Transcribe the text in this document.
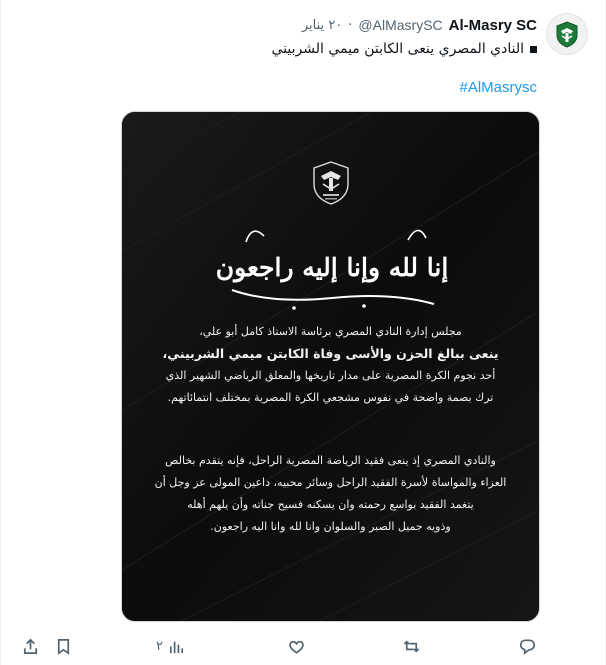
٢٠ يناير · @AlMasrySC Al-Masry SC
النادي المصري ينعى الكابتن ميمي الشربيني
#AlMasrysc
إنا لله وإنا إليه راجعون
مجلس إدارة النادي المصري برئاسة الاستاذ كامل أبو علي،
ينعى ببالغ الحزن والأسى وفاة الكابتن ميمي الشربيني،
أحد نجوم الكرة المصرية على مدار تاريخها والمعلق الرياضي الشهير الذي
ترك بصمة واضحة في نفوس مشجعي الكرة المصرية بمختلف انتمائاتهم.
والنادي المصري إذ ينعى فقيد الرياضة المصرية الراحل، فإنه يتقدم بخالص
العزاء والمواساة لأسرة الفقيد الراحل وسائر محبيه، داعين المولى عز وجل أن
يتغمد الفقيد بواسع رحمته وان يسكنه فسيح جناته وأن يلهم أهله
وذويه جميل الصبر والسلوان وانا لله وانا اليه راجعون.
٢
